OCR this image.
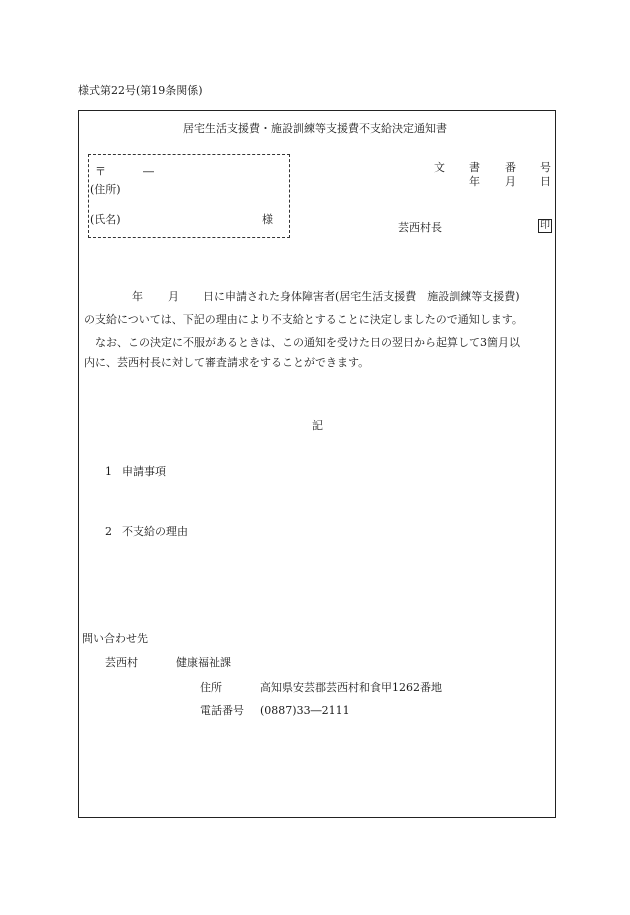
様式第22号(第19条関係)
居宅生活支援費・施設訓練等支援費不支給決定通知書
〒	―
(住所)
(氏名)	様
文 書 番 号
年 月 日
芸西村長	印
年 月 日に申請された身体障害者(居宅生活支援費　施設訓練等支援費)
の支給については、下記の理由により不支給とすることに決定しましたので通知します。
　なお、この決定に不服があるときは、この通知を受けた日の翌日から起算して3箇月以
内に、芸西村長に対して審査請求をすることができます。
記
1 申請事項
2 不支給の理由
問い合わせ先
芸西村	健康福祉課
住所	高知県安芸郡芸西村和食甲1262番地
電話番号 (0887)33―2111
